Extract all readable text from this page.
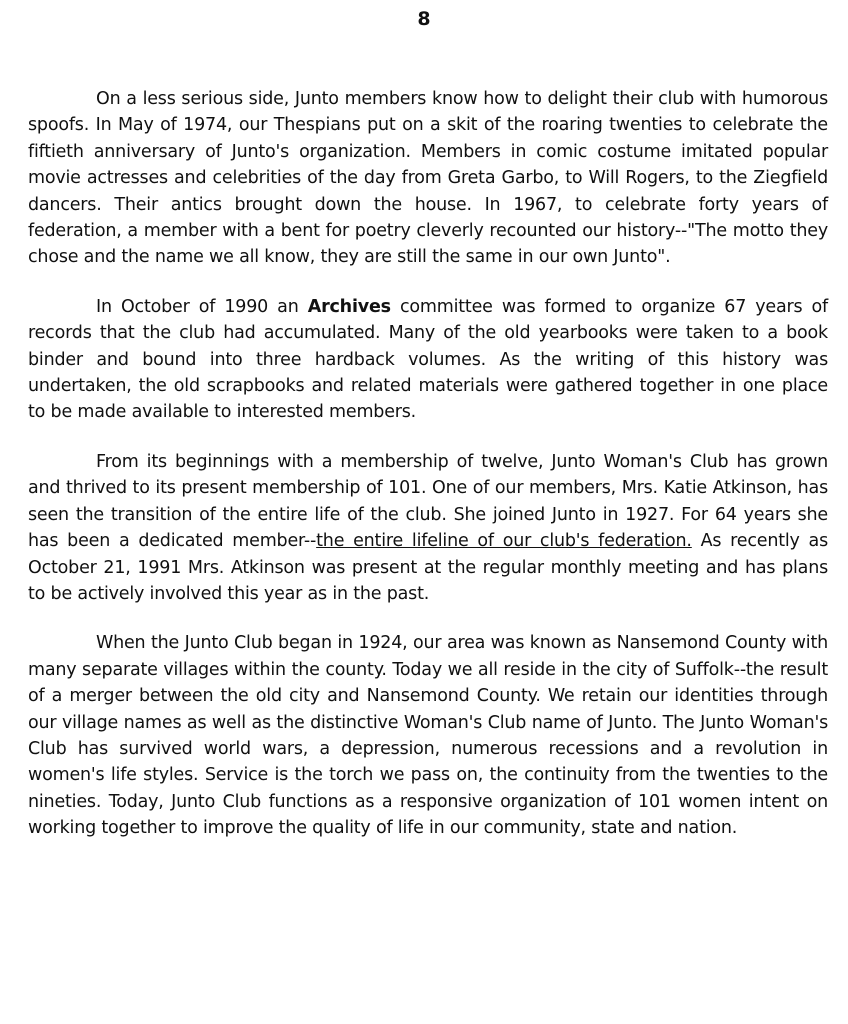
8

On a less serious side, Junto members know how to delight their club with humorous spoofs. In May of 1974, our Thespians put on a skit of the roaring twenties to celebrate the fiftieth anniversary of Junto's organization. Members in comic costume imitated popular movie actresses and celebrities of the day from Greta Garbo, to Will Rogers, to the Ziegfield dancers. Their antics brought down the house. In 1967, to celebrate forty years of federation, a member with a bent for poetry cleverly recounted our history--"The motto they chose and the name we all know, they are still the same in our own Junto".

In October of 1990 an Archives committee was formed to organize 67 years of records that the club had accumulated. Many of the old yearbooks were taken to a book binder and bound into three hardback volumes. As the writing of this history was undertaken, the old scrapbooks and related materials were gathered together in one place to be made available to interested members.

From its beginnings with a membership of twelve, Junto Woman's Club has grown and thrived to its present membership of 101. One of our members, Mrs. Katie Atkinson, has seen the transition of the entire life of the club. She joined Junto in 1927. For 64 years she has been a dedicated member--the entire lifeline of our club's federation. As recently as October 21, 1991 Mrs. Atkinson was present at the regular monthly meeting and has plans to be actively involved this year as in the past.

When the Junto Club began in 1924, our area was known as Nansemond County with many separate villages within the county. Today we all reside in the city of Suffolk--the result of a merger between the old city and Nansemond County. We retain our identities through our village names as well as the distinctive Woman's Club name of Junto. The Junto Woman's Club has survived world wars, a depression, numerous recessions and a revolution in women's life styles. Service is the torch we pass on, the continuity from the twenties to the nineties. Today, Junto Club functions as a responsive organization of 101 women intent on working together to improve the quality of life in our community, state and nation.
